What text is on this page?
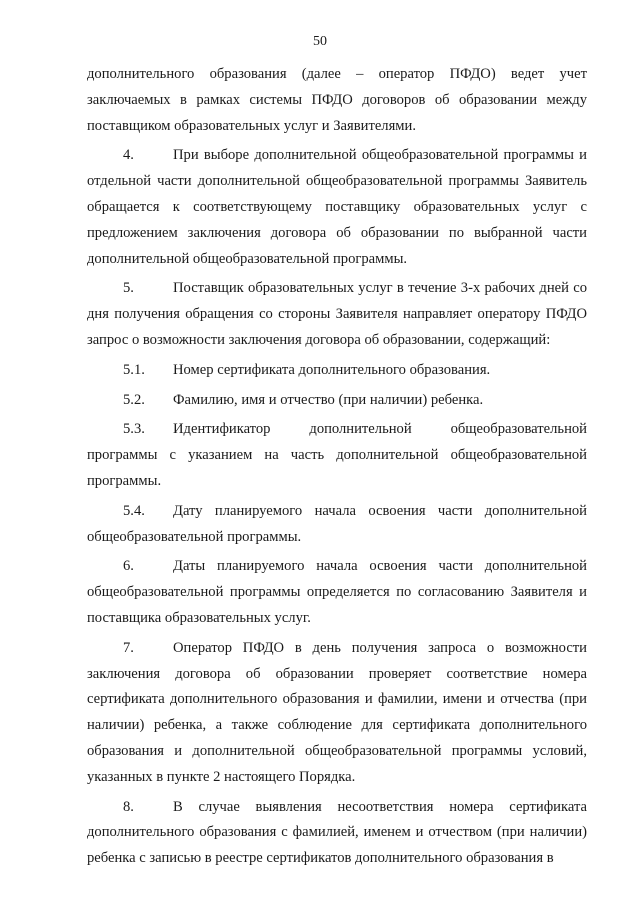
50

дополнительного образования (далее – оператор ПФДО) ведет учет заключаемых в рамках системы ПФДО договоров об образовании между поставщиком образовательных услуг и Заявителями.

4.	При выборе дополнительной общеобразовательной программы и отдельной части дополнительной общеобразовательной программы Заявитель обращается к соответствующему поставщику образовательных услуг с предложением заключения договора об образовании по выбранной части дополнительной общеобразовательной программы.

5.	Поставщик образовательных услуг в течение 3-х рабочих дней со дня получения обращения со стороны Заявителя направляет оператору ПФДО запрос о возможности заключения договора об образовании, содержащий:

5.1. Номер сертификата дополнительного образования.

5.2. Фамилию, имя и отчество (при наличии) ребенка.

5.3. Идентификатор дополнительной общеобразовательной программы с указанием на часть дополнительной общеобразовательной программы.

5.4. Дату планируемого начала освоения части дополнительной общеобразовательной программы.

6.	Даты планируемого начала освоения части дополнительной общеобразовательной программы определяется по согласованию Заявителя и поставщика образовательных услуг.

7.	Оператор ПФДО в день получения запроса о возможности заключения договора об образовании проверяет соответствие номера сертификата дополнительного образования и фамилии, имени и отчества (при наличии) ребенка, а также соблюдение для сертификата дополнительного образования и дополнительной общеобразовательной программы условий, указанных в пункте 2 настоящего Порядка.

8.	В случае выявления несоответствия номера сертификата дополнительного образования с фамилией, именем и отчеством (при наличии) ребенка с записью в реестре сертификатов дополнительного образования в
